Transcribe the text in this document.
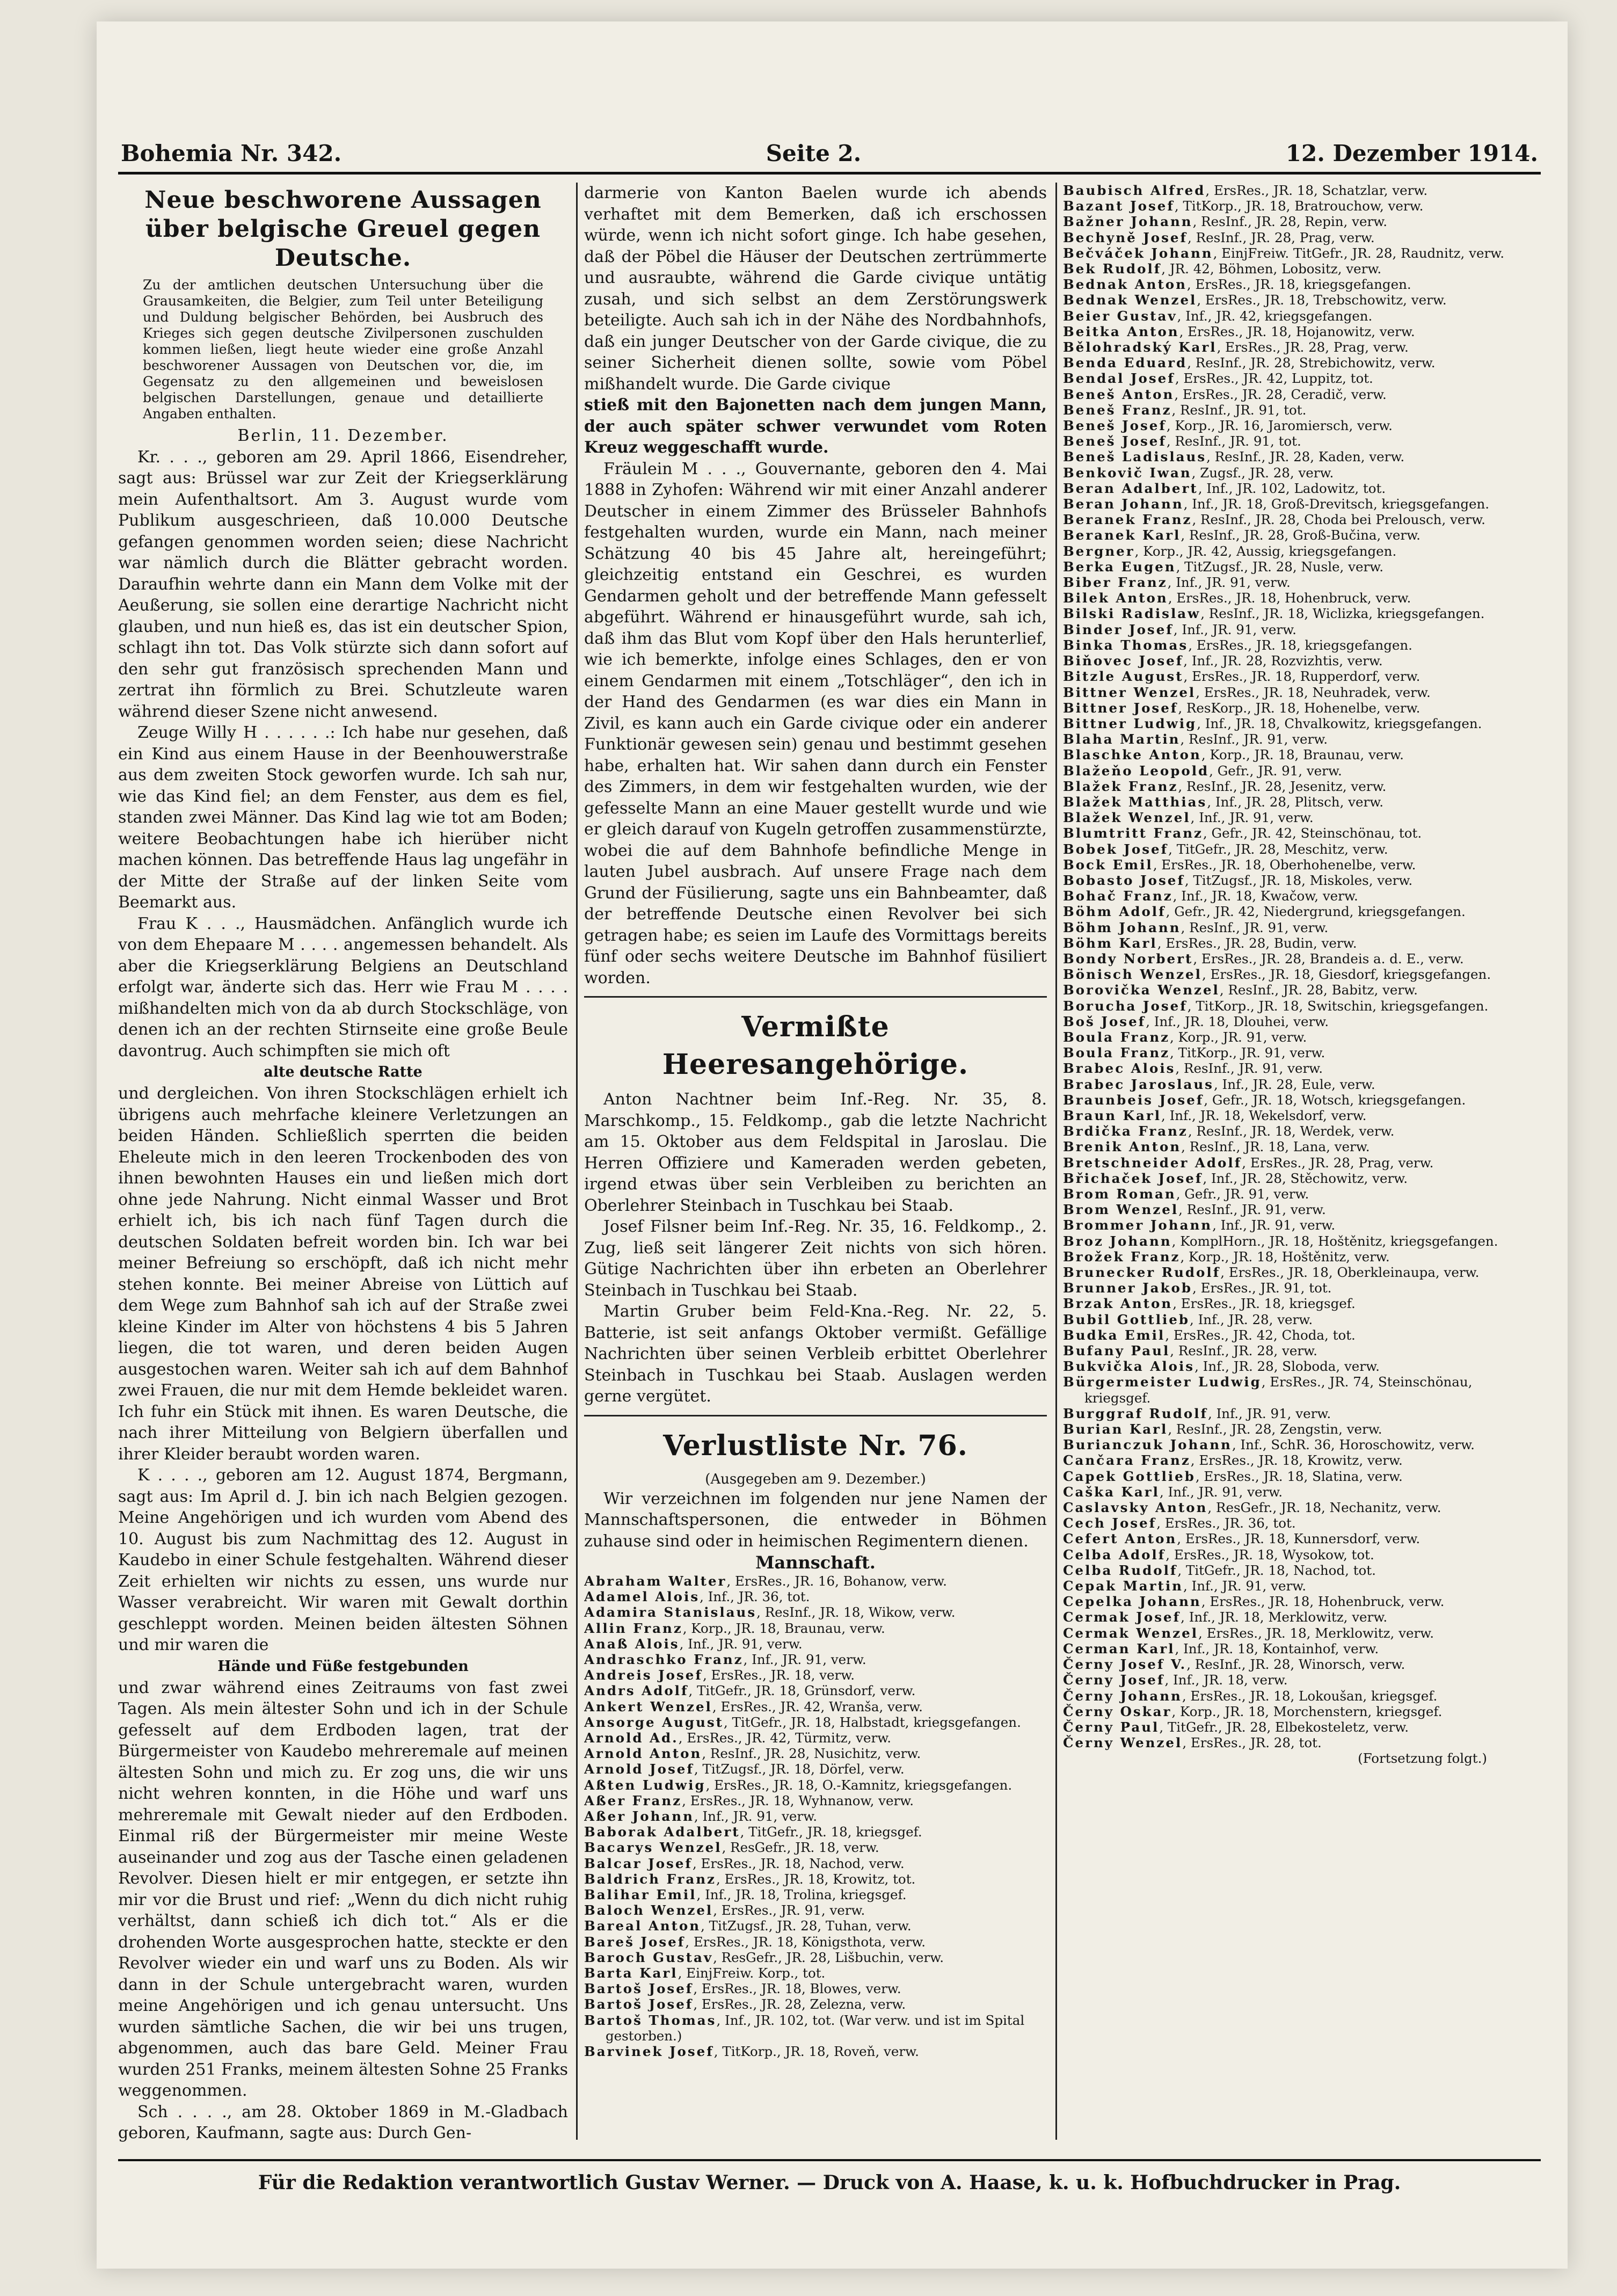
Bohemia Nr. 342.	Seite 2.	12. Dezember 1914.
Neue beschworene Aussagen über belgische Greuel gegen Deutsche.
Zu der amtlichen deutschen Untersuchung über die Grausamkeiten, die Belgier, zum Teil unter Beteiligung und Duldung belgischer Behörden, bei Ausbruch des Krieges sich gegen deutsche Zivilpersonen zuschulden kommen ließen, liegt heute wieder eine große Anzahl beschworener Aussagen von Deutschen vor, die, im Gegensatz zu den allgemeinen und beweislosen belgischen Darstellungen, genaue und detaillierte Angaben enthalten.
Berlin, 11. Dezember.

Kr. . . ., geboren am 29. April 1866, Eisendreher, sagt aus: Brüssel war zur Zeit der Kriegserklärung mein Aufenthaltsort. Am 3. August wurde vom Publikum ausgeschrieen, daß 10.000 Deutsche gefangen genommen worden seien; diese Nachricht war nämlich durch die Blätter gebracht worden. Daraufhin wehrte dann ein Mann dem Volke mit der Aeußerung, sie sollen eine derartige Nachricht nicht glauben, und nun hieß es, das ist ein deutscher Spion, schlagt ihn tot. Das Volk stürzte sich dann sofort auf den sehr gut französisch sprechenden Mann und zertrat ihn förmlich zu Brei. Schutzleute waren während dieser Szene nicht anwesend.

Zeuge Willy H . . . . . .: Ich habe nur gesehen, daß ein Kind aus einem Hause in der Beenhouwerstraße aus dem zweiten Stock geworfen wurde. Ich sah nur, wie das Kind fiel; an dem Fenster, aus dem es fiel, standen zwei Männer. Das Kind lag wie tot am Boden; weitere Beobachtungen habe ich hierüber nicht machen können. Das betreffende Haus lag ungefähr in der Mitte der Straße auf der linken Seite vom Beemarkt aus.

Frau K . . ., Hausmädchen. Anfänglich wurde ich von dem Ehepaare M . . . . angemessen behandelt. Als aber die Kriegserklärung Belgiens an Deutschland erfolgt war, änderte sich das. Herr wie Frau M . . . . mißhandelten mich von da ab durch Stockschläge, von denen ich an der rechten Stirnseite eine große Beule davontrug. Auch schimpften sie mich oft

alte deutsche Ratte

und dergleichen. Von ihren Stockschlägen erhielt ich übrigens auch mehrfache kleinere Verletzungen an beiden Händen. Schließlich sperrten die beiden Eheleute mich in den leeren Trockenboden des von ihnen bewohnten Hauses ein und ließen mich dort ohne jede Nahrung. Nicht einmal Wasser und Brot erhielt ich, bis ich nach fünf Tagen durch die deutschen Soldaten befreit worden bin. Ich war bei meiner Befreiung so erschöpft, daß ich nicht mehr stehen konnte. Bei meiner Abreise von Lüttich auf dem Wege zum Bahnhof sah ich auf der Straße zwei kleine Kinder im Alter von höchstens 4 bis 5 Jahren liegen, die tot waren, und deren beiden Augen ausgestochen waren. Weiter sah ich auf dem Bahnhof zwei Frauen, die nur mit dem Hemde bekleidet waren. Ich fuhr ein Stück mit ihnen. Es waren Deutsche, die nach ihrer Mitteilung von Belgiern überfallen und ihrer Kleider beraubt worden waren.

K . . . ., geboren am 12. August 1874, Bergmann, sagt aus: Im April d. J. bin ich nach Belgien gezogen. Meine Angehörigen und ich wurden vom Abend des 10. August bis zum Nachmittag des 12. August in Kaudebo in einer Schule festgehalten. Während dieser Zeit erhielten wir nichts zu essen, uns wurde nur Wasser verabreicht. Wir waren mit Gewalt dorthin geschleppt worden. Meinen beiden ältesten Söhnen und mir waren die

Hände und Füße festgebunden

und zwar während eines Zeitraums von fast zwei Tagen. Als mein ältester Sohn und ich in der Schule gefesselt auf dem Erdboden lagen, trat der Bürgermeister von Kaudebo mehreremale auf meinen ältesten Sohn und mich zu. Er zog uns, die wir uns nicht wehren konnten, in die Höhe und warf uns mehreremale mit Gewalt nieder auf den Erdboden. Einmal riß der Bürgermeister mir meine Weste auseinander und zog aus der Tasche einen geladenen Revolver. Diesen hielt er mir entgegen, er setzte ihn mir vor die Brust und rief: „Wenn du dich nicht ruhig verhältst, dann schieß ich dich tot.“ Als er die drohenden Worte ausgesprochen hatte, steckte er den Revolver wieder ein und warf uns zu Boden. Als wir dann in der Schule untergebracht waren, wurden meine Angehörigen und ich genau untersucht. Uns wurden sämtliche Sachen, die wir bei uns trugen, abgenommen, auch das bare Geld. Meiner Frau wurden 251 Franks, meinem ältesten Sohne 25 Franks weggenommen.

Sch . . . ., am 28. Oktober 1869 in M.-Gladbach geboren, Kaufmann, sagte aus: Durch Gen-

darmerie von Kanton Baelen wurde ich abends verhaftet mit dem Bemerken, daß ich erschossen würde, wenn ich nicht sofort ginge. Ich habe gesehen, daß der Pöbel die Häuser der Deutschen zertrümmerte und ausraubte, während die Garde civique untätig zusah, und sich selbst an dem Zerstörungswerk beteiligte. Auch sah ich in der Nähe des Nordbahnhofs, daß ein junger Deutscher von der Garde civique, die zu seiner Sicherheit dienen sollte, sowie vom Pöbel mißhandelt wurde. Die Garde civique

stieß mit den Bajonetten nach dem jungen Mann, der auch später schwer verwundet vom Roten Kreuz weggeschafft wurde.

Fräulein M . . ., Gouvernante, geboren den 4. Mai 1888 in Zyhofen: Während wir mit einer Anzahl anderer Deutscher in einem Zimmer des Brüsseler Bahnhofs festgehalten wurden, wurde ein Mann, nach meiner Schätzung 40 bis 45 Jahre alt, hereingeführt; gleichzeitig entstand ein Geschrei, es wurden Gendarmen geholt und der betreffende Mann gefesselt abgeführt. Während er hinausgeführt wurde, sah ich, daß ihm das Blut vom Kopf über den Hals herunterlief, wie ich bemerkte, infolge eines Schlages, den er von einem Gendarmen mit einem „Totschläger“, den ich in der Hand des Gendarmen (es war dies ein Mann in Zivil, es kann auch ein Garde civique oder ein anderer Funktionär gewesen sein) genau und bestimmt gesehen habe, erhalten hat. Wir sahen dann durch ein Fenster des Zimmers, in dem wir festgehalten wurden, wie der gefesselte Mann an eine Mauer gestellt wurde und wie er gleich darauf von Kugeln getroffen zusammenstürzte, wobei die auf dem Bahnhofe befindliche Menge in lauten Jubel ausbrach. Auf unsere Frage nach dem Grund der Füsilierung, sagte uns ein Bahnbeamter, daß der betreffende Deutsche einen Revolver bei sich getragen habe; es seien im Laufe des Vormittags bereits fünf oder sechs weitere Deutsche im Bahnhof füsiliert worden.

Vermißte Heeresangehörige.

Anton Nachtner beim Inf.-Reg. Nr. 35, 8. Marschkomp., 15. Feldkomp., gab die letzte Nachricht am 15. Oktober aus dem Feldspital in Jaroslau. Die Herren Offiziere und Kameraden werden gebeten, irgend etwas über sein Verbleiben zu berichten an Oberlehrer Steinbach in Tuschkau bei Staab.

Josef Filsner beim Inf.-Reg. Nr. 35, 16. Feldkomp., 2. Zug, ließ seit längerer Zeit nichts von sich hören. Gütige Nachrichten über ihn erbeten an Oberlehrer Steinbach in Tuschkau bei Staab.

Martin Gruber beim Feld-Kna.-Reg. Nr. 22, 5. Batterie, ist seit anfangs Oktober vermißt. Gefällige Nachrichten über seinen Verbleib erbittet Oberlehrer Steinbach in Tuschkau bei Staab. Auslagen werden gerne vergütet.

Verlustliste Nr. 76.
(Ausgegeben am 9. Dezember.)

Wir verzeichnen im folgenden nur jene Namen der Mannschaftspersonen, die entweder in Böhmen zuhause sind oder in heimischen Regimentern dienen.

Mannschaft.
Abraham Walter, ErsRes., JR. 16, Bohanow, verw.
Adamel Alois, Inf., JR. 36, tot.
Adamira Stanislaus, ResInf., JR. 18, Wikow, verw.
Allin Franz, Korp., JR. 18, Braunau, verw.
Anaß Alois, Inf., JR. 91, verw.
Andraschko Franz, Inf., JR. 91, verw.
Andreis Josef, ErsRes., JR. 18, verw.
Andrs Adolf, TitGefr., JR. 18, Grünsdorf, verw.
Ankert Wenzel, ErsRes., JR. 42, Wranša, verw.
Ansorge August, TitGefr., JR. 18, Halbstadt, kriegsgefangen.
Arnold Ad., ErsRes., JR. 42, Türmitz, verw.
Arnold Anton, ResInf., JR. 28, Nusichitz, verw.
Arnold Josef, TitZugsf., JR. 18, Dörfel, verw.
Aßten Ludwig, ErsRes., JR. 18, O.-Kamnitz, kriegsgefangen.
Aßer Franz, ErsRes., JR. 18, Wyhnanow, verw.
Aßer Johann, Inf., JR. 91, verw.
Baborak Adalbert, TitGefr., JR. 18, kriegsgef.
Bacarys Wenzel, ResGefr., JR. 18, verw.
Balcar Josef, ErsRes., JR. 18, Nachod, verw.
Baldrich Franz, ErsRes., JR. 18, Krowitz, tot.
Balihar Emil, Inf., JR. 18, Trolina, kriegsgef.
Baloch Wenzel, ErsRes., JR. 91, verw.
Bareal Anton, TitZugsf., JR. 28, Tuhan, verw.
Bareš Josef, ErsRes., JR. 18, Königsthota, verw.
Baroch Gustav, ResGefr., JR. 28, Lišbuchin, verw.
Barta Karl, EinjFreiw. Korp., tot.
Bartoš Josef, ErsRes., JR. 18, Blowes, verw.
Bartoš Josef, ErsRes., JR. 28, Zelezna, verw.
Bartoš Thomas, Inf., JR. 102, tot. (War verw. und ist im Spital gestorben.)
Barvinek Josef, TitKorp., JR. 18, Roveň, verw.
Baubisch Alfred, ErsRes., JR. 18, Schatzlar, verw.
Bazant Josef, TitKorp., JR. 18, Bratrouchow, verw.
Bažner Johann, ResInf., JR. 28, Repin, verw.
Bechyně Josef, ResInf., JR. 28, Prag, verw.
Bečváček Johann, EinjFreiw. TitGefr., JR. 28, Raudnitz, verw.
Bek Rudolf, JR. 42, Böhmen, Lobositz, verw.
Bednak Anton, ErsRes., JR. 18, kriegsgefangen.
Bednak Wenzel, ErsRes., JR. 18, Trebschowitz, verw.
Beier Gustav, Inf., JR. 42, kriegsgefangen.
Beitka Anton, ErsRes., JR. 18, Hojanowitz, verw.
Bělohradský Karl, ErsRes., JR. 28, Prag, verw.
Benda Eduard, ResInf., JR. 28, Strebichowitz, verw.
Bendal Josef, ErsRes., JR. 42, Luppitz, tot.
Beneš Anton, ErsRes., JR. 28, Ceradič, verw.
Beneš Franz, ResInf., JR. 91, tot.
Beneš Josef, Korp., JR. 16, Jaromiersch, verw.
Beneš Josef, ResInf., JR. 91, tot.
Beneš Ladislaus, ResInf., JR. 28, Kaden, verw.
Benkovič Iwan, Zugsf., JR. 28, verw.
Beran Adalbert, Inf., JR. 102, Ladowitz, tot.
Beran Johann, Inf., JR. 18, Groß-Drevitsch, kriegsgefangen.
Beranek Franz, ResInf., JR. 28, Choda bei Prelousch, verw.
Beranek Karl, ResInf., JR. 28, Groß-Bučina, verw.
Bergner, Korp., JR. 42, Aussig, kriegsgefangen.
Berka Eugen, TitZugsf., JR. 28, Nusle, verw.
Biber Franz, Inf., JR. 91, verw.
Bilek Anton, ErsRes., JR. 18, Hohenbruck, verw.
Bilski Radislaw, ResInf., JR. 18, Wiclizka, kriegsgefangen.
Binder Josef, Inf., JR. 91, verw.
Binka Thomas, ErsRes., JR. 18, kriegsgefangen.
Biňovec Josef, Inf., JR. 28, Rozvizhtis, verw.
Bitzle August, ErsRes., JR. 18, Rupperdorf, verw.
Bittner Wenzel, ErsRes., JR. 18, Neuhradek, verw.
Bittner Josef, ResKorp., JR. 18, Hohenelbe, verw.
Bittner Ludwig, Inf., JR. 18, Chvalkowitz, kriegsgefangen.
Blaha Martin, ResInf., JR. 91, verw.
Blaschke Anton, Korp., JR. 18, Braunau, verw.
Blažeňo Leopold, Gefr., JR. 91, verw.
Blažek Franz, ResInf., JR. 28, Jesenitz, verw.
Blažek Matthias, Inf., JR. 28, Plitsch, verw.
Blažek Wenzel, Inf., JR. 91, verw.
Blumtritt Franz, Gefr., JR. 42, Steinschönau, tot.
Bobek Josef, TitGefr., JR. 28, Meschitz, verw.
Bock Emil, ErsRes., JR. 18, Oberhohenelbe, verw.
Bobasto Josef, TitZugsf., JR. 18, Miskoles, verw.
Bohač Franz, Inf., JR. 18, Kwačow, verw.
Böhm Adolf, Gefr., JR. 42, Niedergrund, kriegsgefangen.
Böhm Johann, ResInf., JR. 91, verw.
Böhm Karl, ErsRes., JR. 28, Budin, verw.
Bondy Norbert, ErsRes., JR. 28, Brandeis a. d. E., verw.
Bönisch Wenzel, ErsRes., JR. 18, Giesdorf, kriegsgefangen.
Borovička Wenzel, ResInf., JR. 28, Babitz, verw.
Borucha Josef, TitKorp., JR. 18, Switschin, kriegsgefangen.
Boš Josef, Inf., JR. 18, Dlouhei, verw.
Boula Franz, Korp., JR. 91, verw.
Boula Franz, TitKorp., JR. 91, verw.
Brabec Alois, ResInf., JR. 91, verw.
Brabec Jaroslaus, Inf., JR. 28, Eule, verw.
Braunbeis Josef, Gefr., JR. 18, Wotsch, kriegsgefangen.
Braun Karl, Inf., JR. 18, Wekelsdorf, verw.
Brdička Franz, ResInf., JR. 18, Werdek, verw.
Brenik Anton, ResInf., JR. 18, Lana, verw.
Bretschneider Adolf, ErsRes., JR. 28, Prag, verw.
Břichaček Josef, Inf., JR. 28, Stěchowitz, verw.
Brom Roman, Gefr., JR. 91, verw.
Brom Wenzel, ResInf., JR. 91, verw.
Brommer Johann, Inf., JR. 91, verw.
Broz Johann, KomplHorn., JR. 18, Hoštěnitz, kriegsgefangen.
Brožek Franz, Korp., JR. 18, Hoštěnitz, verw.
Brunecker Rudolf, ErsRes., JR. 18, Oberkleinaupa, verw.
Brunner Jakob, ErsRes., JR. 91, tot.
Brzak Anton, ErsRes., JR. 18, kriegsgef.
Bubil Gottlieb, Inf., JR. 28, verw.
Budka Emil, ErsRes., JR. 42, Choda, tot.
Bufany Paul, ResInf., JR. 28, verw.
Bukvička Alois, Inf., JR. 28, Sloboda, verw.
Bürgermeister Ludwig, ErsRes., JR. 74, Steinschönau, kriegsgef.
Burggraf Rudolf, Inf., JR. 91, verw.
Burian Karl, ResInf., JR. 28, Zengstin, verw.
Burianczuk Johann, Inf., SchR. 36, Horoschowitz, verw.
Cančara Franz, ErsRes., JR. 18, Krowitz, verw.
Capek Gottlieb, ErsRes., JR. 18, Slatina, verw.
Caška Karl, Inf., JR. 91, verw.
Caslavsky Anton, ResGefr., JR. 18, Nechanitz, verw.
Cech Josef, ErsRes., JR. 36, tot.
Cefert Anton, ErsRes., JR. 18, Kunnersdorf, verw.
Celba Adolf, ErsRes., JR. 18, Wysokow, tot.
Celba Rudolf, TitGefr., JR. 18, Nachod, tot.
Cepak Martin, Inf., JR. 91, verw.
Cepelka Johann, ErsRes., JR. 18, Hohenbruck, verw.
Cermak Josef, Inf., JR. 18, Merklowitz, verw.
Cermak Wenzel, ErsRes., JR. 18, Merklowitz, verw.
Cerman Karl, Inf., JR. 18, Kontainhof, verw.
Černy Josef V., ResInf., JR. 28, Winorsch, verw.
Černy Josef, Inf., JR. 18, verw.
Černy Johann, ErsRes., JR. 18, Lokoušan, kriegsgef.
Černy Oskar, Korp., JR. 18, Morchenstern, kriegsgef.
Černy Paul, TitGefr., JR. 28, Elbekosteletz, verw.
Černy Wenzel, ErsRes., JR. 28, tot.
(Fortsetzung folgt.)
Für die Redaktion verantwortlich Gustav Werner. — Druck von A. Haase, k. u. k. Hofbuchdrucker in Prag.
